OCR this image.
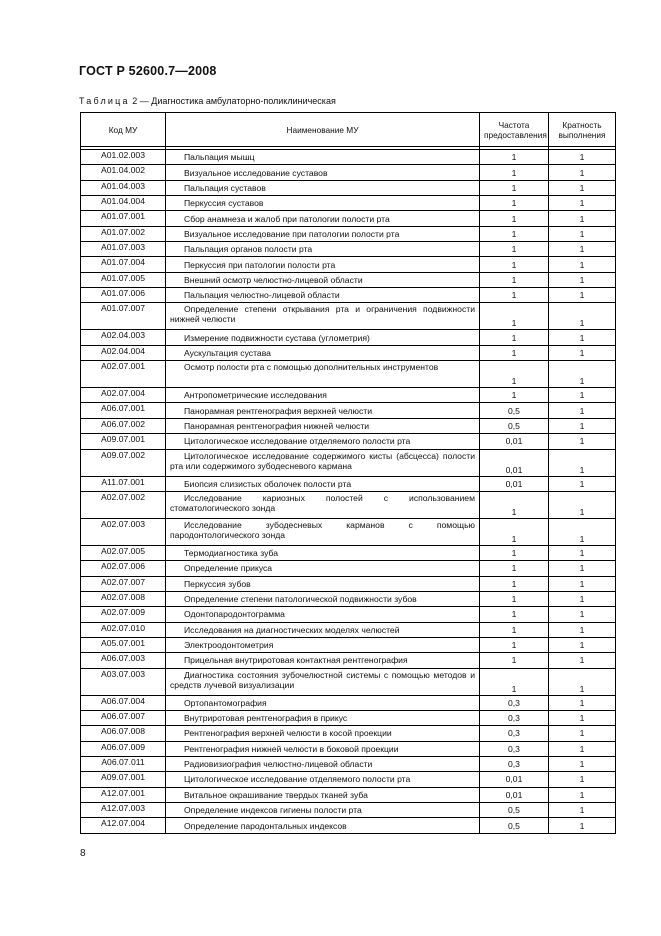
ГОСТ Р 52600.7—2008
Таблица 2 — Диагностика амбулаторно-поликлиническая
Код МУ	Наименование МУ	Частота предоставления	Кратность выполнения

A01.02.003	Пальпация мышц	1	1
A01.04.002	Визуальное исследование суставов	1	1
A01.04.003	Пальпация суставов	1	1
A01.04.004	Перкуссия суставов	1	1
A01.07.001	Сбор анамнеза и жалоб при патологии полости рта	1	1
A01.07.002	Визуальное исследование при патологии полости рта	1	1
A01.07.003	Пальпация органов полости рта	1	1
A01.07.004	Перкуссия при патологии полости рта	1	1
A01.07.005	Внешний осмотр челюстно-лицевой области	1	1
A01.07.006	Пальпация челюстно-лицевой области	1	1
A01.07.007	Определение степени открывания рта и ограничения подвижности нижней челюсти	1	1
A02.04.003	Измерение подвижности сустава (углометрия)	1	1
A02.04.004	Аускультация сустава	1	1
A02.07.001	Осмотр полости рта с помощью дополнительных инструментов	1	1
A02.07.004	Антропометрические исследования	1	1
A06.07.001	Панорамная рентгенография верхней челюсти	0,5	1
A06.07.002	Панорамная рентгенография нижней челюсти	0,5	1
A09.07.001	Цитологическое исследование отделяемого полости рта	0,01	1
A09.07.002	Цитологическое исследование содержимого кисты (абсцесса) полости рта или содержимого зубодесневого кармана	0,01	1
A11.07.001	Биопсия слизистых оболочек полости рта	0,01	1
A02.07.002	Исследование кариозных полостей с использованием стоматологического зонда	1	1
A02.07.003	Исследование зубодесневых карманов с помощью пародонтологического зонда	1	1
A02.07.005	Термодиагностика зуба	1	1
A02.07.006	Определение прикуса	1	1
A02.07.007	Перкуссия зубов	1	1
A02.07.008	Определение степени патологической подвижности зубов	1	1
A02.07.009	Одонтопародонтограмма	1	1
A02.07.010	Исследования на диагностических моделях челюстей	1	1
A05.07.001	Электроодонтометрия	1	1
A06.07.003	Прицельная внутриротовая контактная рентгенография	1	1
A03.07.003	Диагностика состояния зубочелюстной системы с помощью методов и средств лучевой визуализации	1	1
A06.07.004	Ортопантомография	0,3	1
A06.07.007	Внутриротовая рентгенография в прикус	0,3	1
A06.07.008	Рентгенография верхней челюсти в косой проекции	0,3	1
A06.07.009	Рентгенография нижней челюсти в боковой проекции	0,3	1
A06.07.011	Радиовизиография челюстно-лицевой области	0,3	1
A09.07.001	Цитологическое исследование отделяемого полости рта	0,01	1
A12.07.001	Витальное окрашивание твердых тканей зуба	0,01	1
A12.07.003	Определение индексов гигиены полости рта	0,5	1
A12.07.004	Определение пародонтальных индексов	0,5	1
8
